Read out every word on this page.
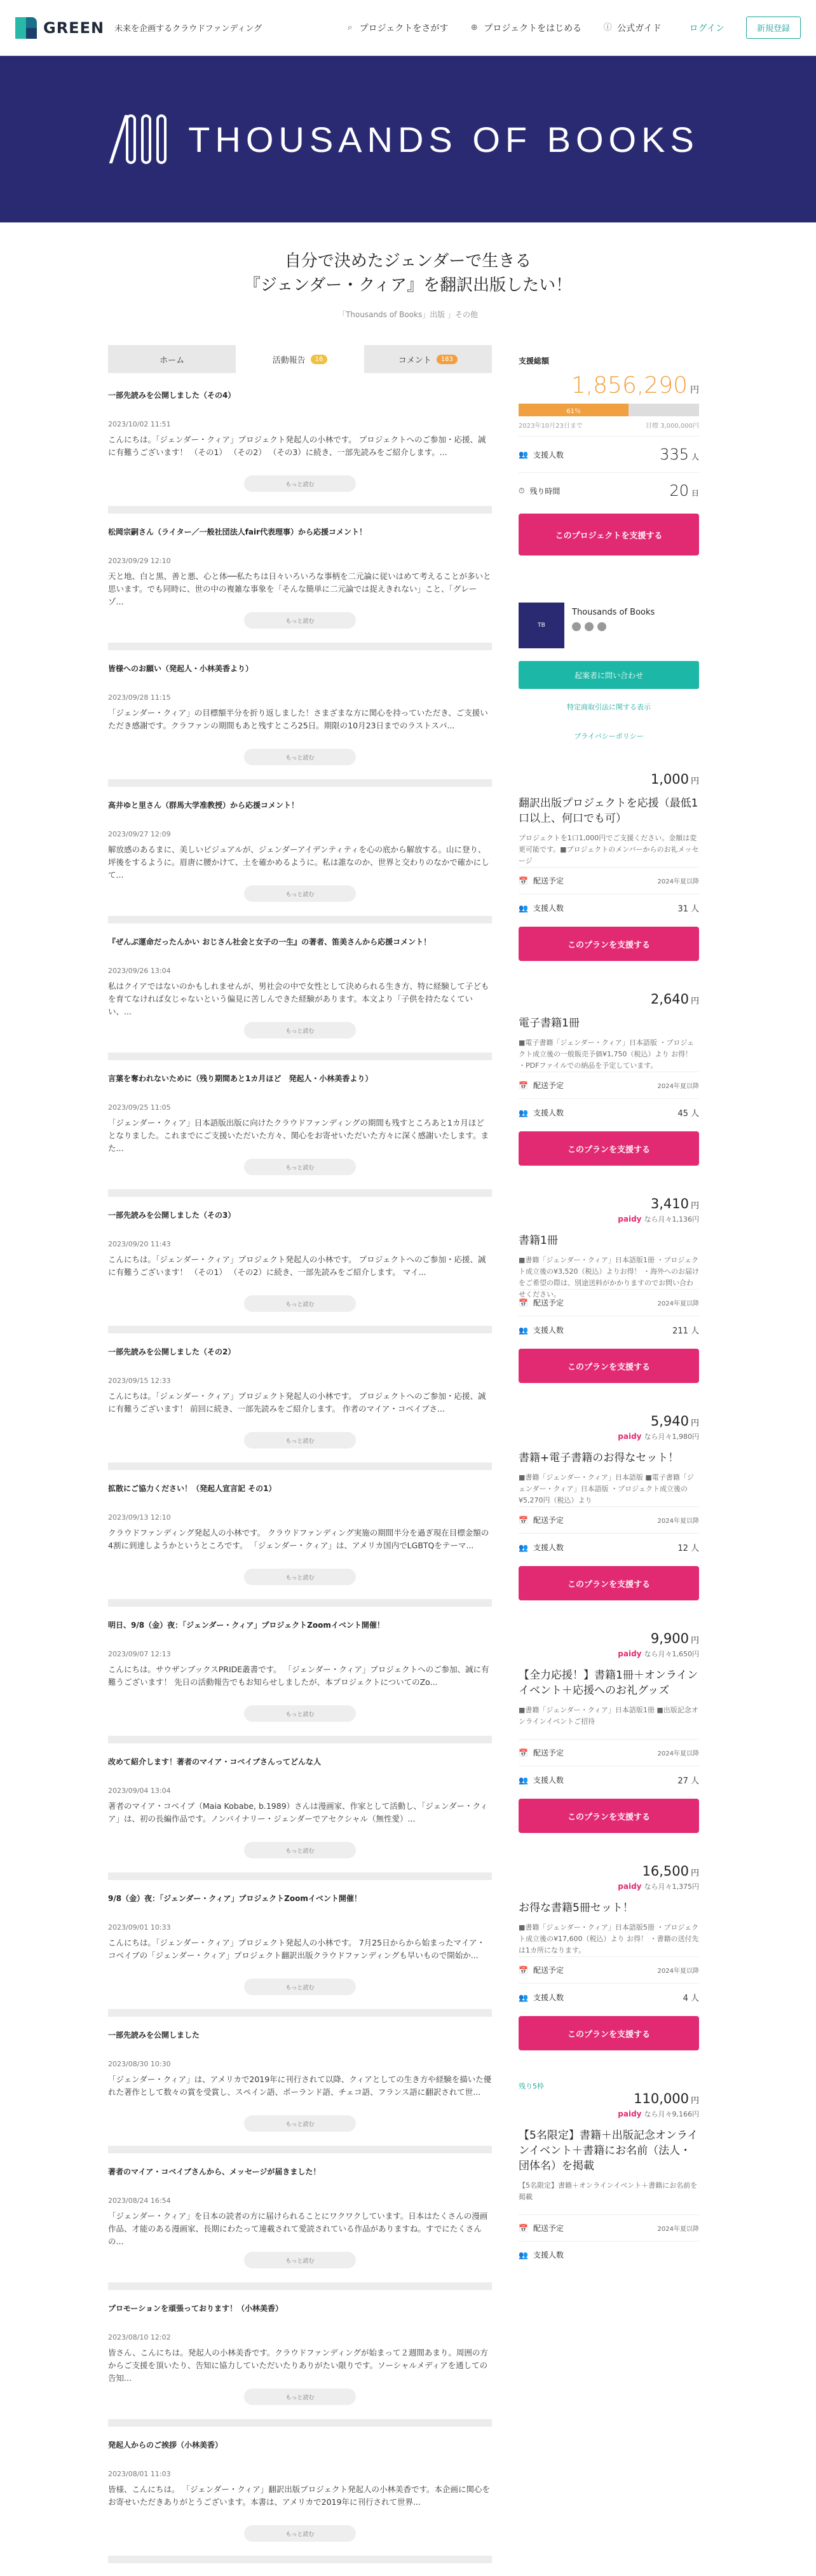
GREEN 未来を企画するクラウドファンディング	⌕ プロジェクトをさがす	⊕ プロジェクトをはじめる	ⓘ 公式ガイド	ログイン	新規登録
THOUSANDS OF BOOKS
自分で決めたジェンダーで生きる
『ジェンダー・クィア』を翻訳出版したい！
「Thousands of Books」出版 」その他
ホーム	活動報告	16	コメント	183
一部先読みを公開しました（その4）
2023/10/02 11:51
こんにちは。「ジェンダー・クィア」プロジェクト発起人の小林です。 プロジェクトへのご参加・応援、誠に有難うございます！ （その1） （その2） （その3）に続き、一部先読みをご紹介します。...
もっと読む
松岡宗嗣さん（ライター／一般社団法人fair代表理事）から応援コメント！
2023/09/29 12:10
天と地、白と黒、善と悪、心と体──私たちは日々いろいろな事柄を二元論に従いはめて考えることが多いと思います。でも同時に、世の中の複雑な事象を「そんな簡単に二元論では捉えきれない」こと、「グレーゾ...
もっと読む
皆様へのお願い（発起人・小林美香より）
2023/09/28 11:15
「ジェンダー・クィア」の目標額半分を折り返しました！さまざまな方に関心を持っていただき、ご支援いただき感謝です。クラファンの期間もあと残すところ25日。期限の10月23日までのラストスパ...
もっと読む
高井ゆと里さん（群馬大学准教授）から応援コメント！
2023/09/27 12:09
解放感のあるまに、美しいビジュアルが、ジェンダーアイデンティティを心の底から解放する。山に登り、坪後をするように。眉唐に腰かけて、土を確かめるように。私は誰なのか、世界と交わりのなかで確かにして...
もっと読む
『ぜんぶ運命だったんかい おじさん社会と女子の一生』の著者、笛美さんから応援コメント！
2023/09/26 13:04
私はクイアではないのかもしれませんが、男社会の中で女性として決められる生き方、特に経験して子どもを育てなければ女じゃないという偏見に苦しんできた経験があります。本文より「子供を持たなくていい、...
もっと読む
言葉を奪われないために（残り期間あと1カ月ほど　発起人・小林美香より）
2023/09/25 11:05
「ジェンダー・クィア」日本語版出版に向けたクラウドファンディングの期間も残すところあと1カ月ほどとなりました。これまでにご支援いただいた方々、関心をお寄せいただいた方々に深く感謝いたします。また...
もっと読む
一部先読みを公開しました（その3）
2023/09/20 11:43
こんにちは。「ジェンダー・クィア」プロジェクト発起人の小林です。 プロジェクトへのご参加・応援、誠に有難うございます！ （その1） （その2）に続き、一部先読みをご紹介します。 マイ...
もっと読む
一部先読みを公開しました（その2）
2023/09/15 12:33
こんにちは。「ジェンダー・クィア」プロジェクト発起人の小林です。 プロジェクトへのご参加・応援、誠に有難うございます！ 前回に続き、一部先読みをご紹介します。 作者のマイア・コベイブさ...
もっと読む
拡散にご協力ください！（発起人宣言記 その1）
2023/09/13 12:10
クラウドファンディング発起人の小林です。 クラウドファンディング実施の期間半分を過ぎ現在目標金額の4割に到達しようかというところです。 「ジェンダー・クィア」は、アメリカ国内でLGBTQをテーマ...
もっと読む
明日、9/8（金）夜：「ジェンダー・クィア」プロジェクトZoomイベント開催！
2023/09/07 12:13
こんにちは。サウザンブックスPRIDE叢書です。 「ジェンダー・クィア」プロジェクトへのご参加、誠に有難うございます！ 先日の活動報告でもお知らせしましたが、本プロジェクトについてのZo...
もっと読む
改めて紹介します！著者のマイア・コベイブさんってどんな人
2023/09/04 13:04
著者のマイア・コベイブ（Maia Kobabe, b.1989）さんは漫画家、作家として活動し、「ジェンダー・クィア」は、初の長編作品です。ノンバイナリー・ジェンダーでアセクシャル（無性愛）...
もっと読む
9/8（金）夜：「ジェンダー・クィア」プロジェクトZoomイベント開催！
2023/09/01 10:33
こんにちは。「ジェンダー・クィア」プロジェクト発起人の小林です。 7月25日からから始まったマイア・コベイブの「ジェンダー・クィア」プロジェクト翻訳出版クラウドファンディングも早いもので開始か...
もっと読む
一部先読みを公開しました
2023/08/30 10:30
「ジェンダー・クィア」は、アメリカで2019年に刊行されて以降、クィアとしての生き方や経験を描いた優れた著作として数々の賞を受賞し、スペイン語、ポーランド語、チェコ語、フランス語に翻訳されて世...
もっと読む
著者のマイア・コベイブさんから、メッセージが届きました！
2023/08/24 16:54
「ジェンダー・クィア」を日本の読者の方に届けられることにワクワクしています。日本はたくさんの漫画作品、才能のある漫画家、長期にわたって連載されて愛読されている作品がありますね。すでにたくさんの...
もっと読む
プロモーションを頑張っております！（小林美香）
2023/08/10 12:02
皆さん、こんにちは。発起人の小林美香です。クラウドファンディングが始まって２週間あまり。周囲の方からご支援を頂いたり、告知に協力していただいたりありがたい限りです。ソーシャルメディアを通しての告知...
もっと読む
発起人からのご挨拶（小林美香）
2023/08/01 11:03
皆様、こんにちは。 「ジェンダー・クィア」翻訳出版プロジェクト発起人の小林美香です。本企画に関心をお寄せいただきありがとうございます。本書は、アメリカで2019年に刊行されて世界...
もっと読む
支援総額
1,856,290 円
61％
2023年10月23日まで	目標 3,000,000円
👥 支援人数	335 人
⏱ 残り時間	20 日
このプロジェクトを支援する
TB
Thousands of Books
起案者に問い合わせ
特定商取引法に関する表示
プライバシーポリシー
1,000 円
翻訳出版プロジェクトを応援（最低1口以上、何口でも可）
プロジェクトを1口1,000円でご支援ください。金額は変更可能です。■プロジェクトのメンバーからのお礼メッセージ
📅 配送予定	2024年夏以降
👥 支援人数	31 人
このプランを支援する
2,640 円
電子書籍1冊
■電子書籍「ジェンダー・クィア」日本語版 ・プロジェクト成立後の一般販売予価¥1,750（税込）より お得！ ・PDFファイルでの納品を予定しています。
📅 配送予定	2024年夏以降
👥 支援人数	45 人
このプランを支援する
3,410 円
paidy なら月々1,136円
書籍1冊
■書籍「ジェンダー・クィア」日本語版1冊 ・プロジェクト成立後の¥3,520（税込）よりお得！ ・海外へのお届けをご希望の際は、別途送料がかかりますのでお問い合わせください。
📅 配送予定	2024年夏以降
👥 支援人数	211 人
このプランを支援する
5,940 円
paidy なら月々1,980円
書籍+電子書籍のお得なセット！
■書籍「ジェンダー・クィア」日本語版 ■電子書籍「ジェンダー・クィア」日本語版 ・プロジェクト成立後の¥5,270円（税込）より
📅 配送予定	2024年夏以降
👥 支援人数	12 人
このプランを支援する
9,900 円
paidy なら月々1,650円
【全力応援！】書籍1冊＋オンラインイベント＋応援へのお礼グッズ
■書籍「ジェンダー・クィア」日本語版1冊 ■出版記念オンラインイベントご招待
📅 配送予定	2024年夏以降
👥 支援人数	27 人
このプランを支援する
16,500 円
paidy なら月々1,375円
お得な書籍5冊セット！
■書籍「ジェンダー・クィア」日本語版5冊 ・プロジェクト成立後の¥17,600（税込）より お得！ ・書籍の送付先は1カ所になります。
📅 配送予定	2024年夏以降
👥 支援人数	4 人
このプランを支援する
残り5枠
110,000 円
paidy なら月々9,166円
【5名限定】書籍＋出版記念オンラインイベント＋書籍にお名前（法人・団体名）を掲載
【5名限定】書籍＋オンラインイベント＋書籍にお名前を掲載
📅 配送予定	2024年夏以降
👥 支援人数
